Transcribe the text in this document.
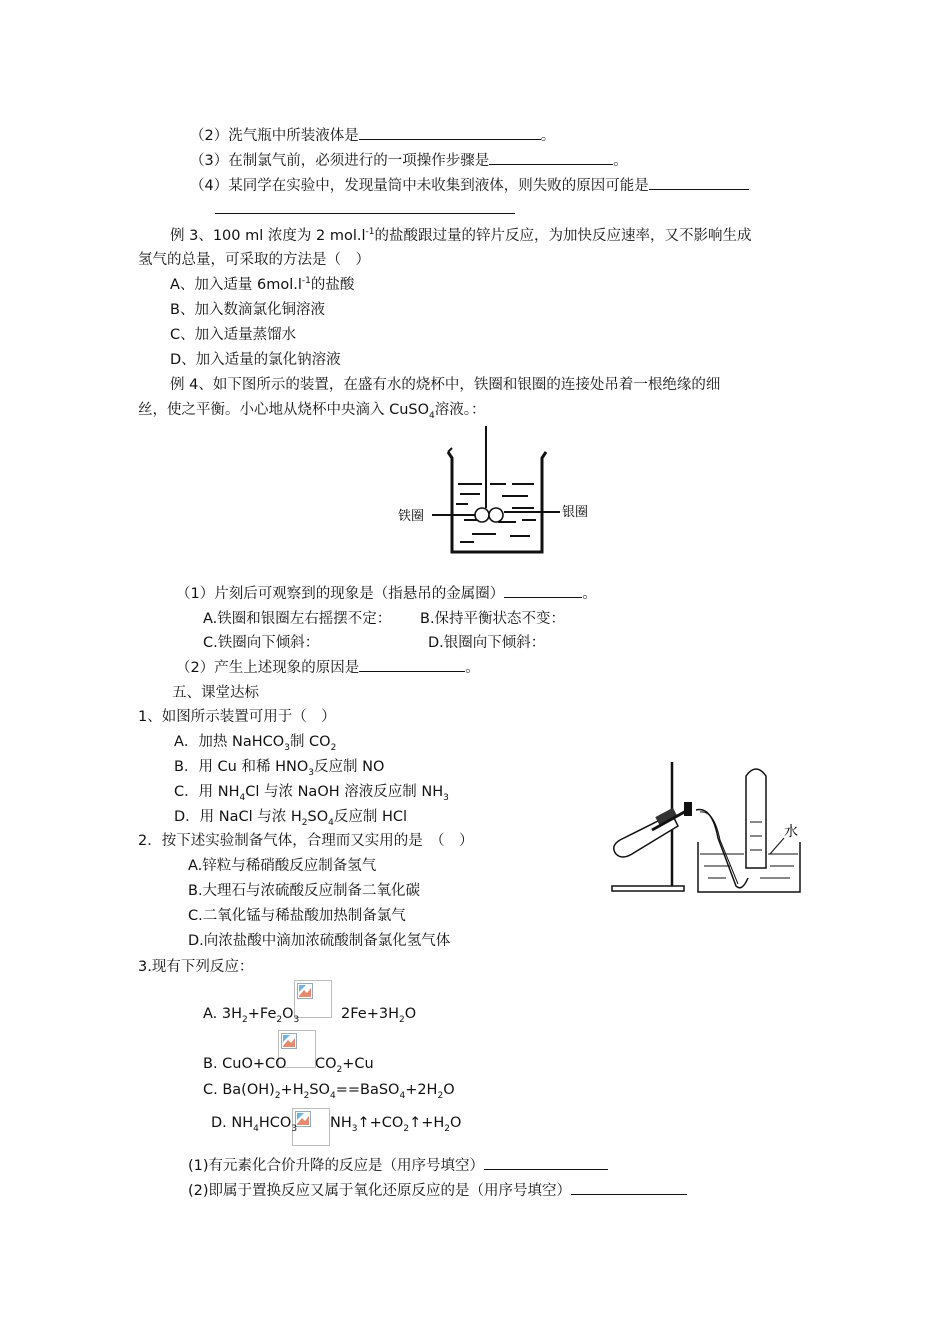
（2）洗气瓶中所装液体是	。
（3）在制氯气前，必须进行的一项操作步骤是	。
（4）某同学在实验中，发现量筒中未收集到液体，则失败的原因可能是
例 3、100 ml 浓度为 2 $mol.l^{-1}$的盐酸跟过量的锌片反应，为加快反应速率，又不影响生成
氢气的总量，可采取的方法是（　）
A、加入适量 $6mol.l^{-1}$的盐酸
B、加入数滴氯化铜溶液
C、加入适量蒸馏水
D、加入适量的氯化钠溶液
例 4、如下图所示的装置，在盛有水的烧杯中，铁圈和银圈的连接处吊着一根绝缘的细
丝，使之平衡。小心地从烧杯中央滴入 CuSO$_4$溶液。：
铁圈	银圈
（1）片刻后可观察到的现象是（指悬吊的金属圈）	。
A.铁圈和银圈左右摇摆不定： B.保持平衡状态不变：
C.铁圈向下倾斜：	D.银圈向下倾斜：
（2）产生上述现象的原因是	。
五、课堂达标
1、如图所示装置可用于（　）
A．加热 NaHCO$_3$制 $CO_2$
B．用 Cu 和稀 $HNO_3$反应制 NO
C．用 $NH_4Cl$ 与浓 NaOH 溶液反应制 $NH_3$
D．用 NaCl 与浓 $H_2SO_4$反应制 HCl
水
2．按下述实验制备气体，合理而又实用的是　（　）
A.锌粒与稀硝酸反应制备氢气
B.大理石与浓硫酸反应制备二氧化碳
C.二氧化锰与稀盐酸加热制备氯气
D.向浓盐酸中滴加浓硫酸制备氯化氢气体
3.现有下列反应：
A. $3H_2+Fe_2O_3$	$2Fe+3H_2O$
B. CuO+CO $CO_2+Cu$
C. $Ba(OH)_2+H_2SO_4==BaSO_4+2H_2O$
D. $NH_4HCO_3$ $NH_3↑+CO_2↑+H_2O$
(1)有元素化合价升降的反应是（用序号填空）
(2)即属于置换反应又属于氧化还原反应的是（用序号填空）
